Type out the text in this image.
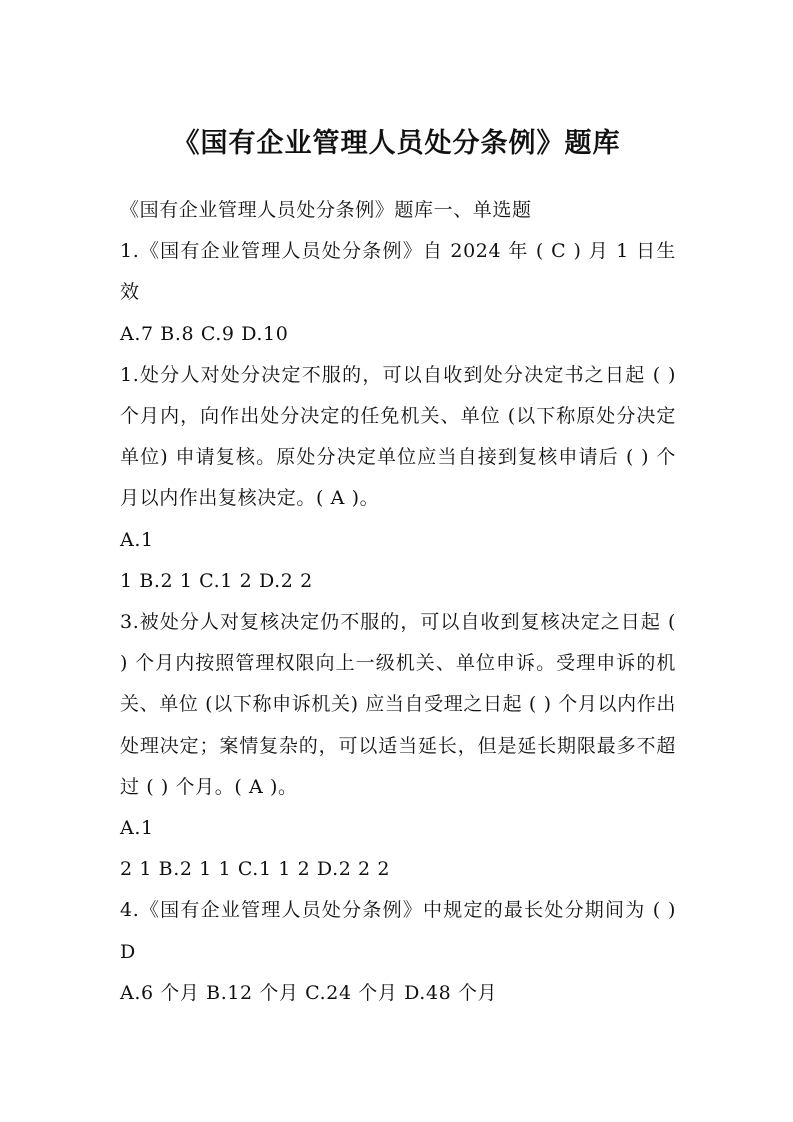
《国有企业管理人员处分条例》题库

《国有企业管理人员处分条例》题库一、单选题

1.《国有企业管理人员处分条例》自 2024 年 ( C ) 月 1 日生效

A.7 B.8 C.9 D.10

1.处分人对处分决定不服的，可以自收到处分决定书之日起 ( ) 个月内，向作出处分决定的任免机关、单位 (以下称原处分决定单位) 申请复核。原处分决定单位应当自接到复核申请后 ( ) 个月以内作出复核决定。( A )。

A.1

1 B.2 1 C.1 2 D.2 2

3.被处分人对复核决定仍不服的，可以自收到复核决定之日起 ( ) 个月内按照管理权限向上一级机关、单位申诉。受理申诉的机关、单位 (以下称申诉机关) 应当自受理之日起 ( ) 个月以内作出处理决定；案情复杂的，可以适当延长，但是延长期限最多不超过 ( ) 个月。( A )。

A.1

2 1 B.2 1 1 C.1 1 2 D.2 2 2

4.《国有企业管理人员处分条例》中规定的最长处分期间为 ( ) D

A.6 个月 B.12 个月 C.24 个月 D.48 个月
